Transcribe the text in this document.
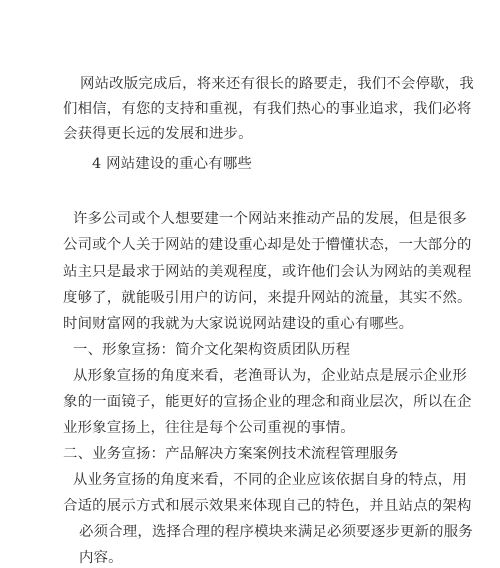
网站改版完成后，将来还有很长的路要走，我们不会停歇，我
们相信，有您的支持和重视，有我们热心的事业追求，我们必将
会获得更长远的发展和进步。
4 网站建设的重心有哪些
许多公司或个人想要建一个网站来推动产品的发展，但是很多
公司或个人关于网站的建设重心却是处于懵懂状态，一大部分的
站主只是最求于网站的美观程度，或许他们会认为网站的美观程
度够了，就能吸引用户的访问，来提升网站的流量，其实不然。
时间财富网的我就为大家说说网站建设的重心有哪些。
一、形象宣扬：简介文化架构资质团队历程
从形象宣扬的角度来看，老渔哥认为，企业站点是展示企业形
象的一面镜子，能更好的宣扬企业的理念和商业层次，所以在企
业形象宣扬上，往往是每个公司重视的事情。
二、业务宣扬：产品解决方案案例技术流程管理服务
从业务宣扬的角度来看，不同的企业应该依据自身的特点，用
合适的展示方式和展示效果来体现自己的特色，并且站点的架构
必须合理，选择合理的程序模块来满足必须要逐步更新的服务
内容。
